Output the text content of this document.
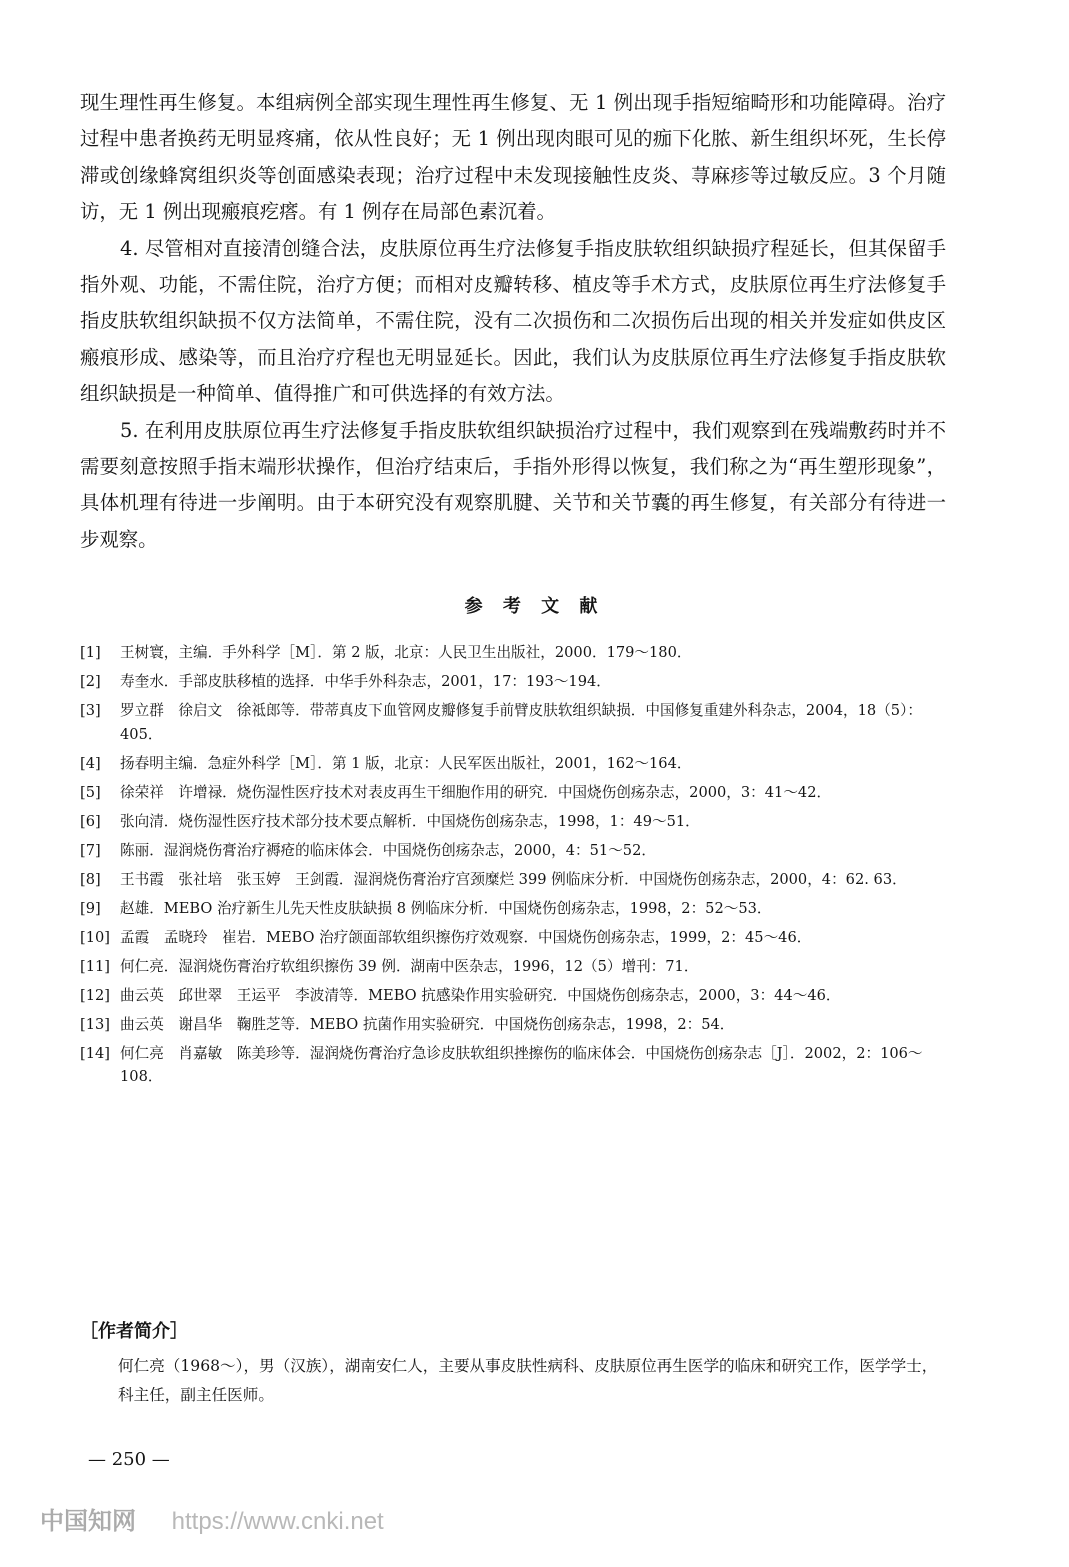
现生理性再生修复。本组病例全部实现生理性再生修复、无 1 例出现手指短缩畸形和功能障碍。治疗过程中患者换药无明显疼痛，依从性良好；无 1 例出现肉眼可见的痂下化脓、新生组织坏死，生长停滞或创缘蜂窝组织炎等创面感染表现；治疗过程中未发现接触性皮炎、荨麻疹等过敏反应。3 个月随访，无 1 例出现瘢痕疙瘩。有 1 例存在局部色素沉着。

4. 尽管相对直接清创缝合法，皮肤原位再生疗法修复手指皮肤软组织缺损疗程延长，但其保留手指外观、功能，不需住院，治疗方便；而相对皮瓣转移、植皮等手术方式，皮肤原位再生疗法修复手指皮肤软组织缺损不仅方法简单，不需住院，没有二次损伤和二次损伤后出现的相关并发症如供皮区瘢痕形成、感染等，而且治疗疗程也无明显延长。因此，我们认为皮肤原位再生疗法修复手指皮肤软组织缺损是一种简单、值得推广和可供选择的有效方法。

5. 在利用皮肤原位再生疗法修复手指皮肤软组织缺损治疗过程中，我们观察到在残端敷药时并不需要刻意按照手指末端形状操作，但治疗结束后，手指外形得以恢复，我们称之为“再生塑形现象”，具体机理有待进一步阐明。由于本研究没有观察肌腱、关节和关节囊的再生修复，有关部分有待进一步观察。

参 考 文 献
[1] 王树寰，主编．手外科学［M］．第 2 版，北京：人民卫生出版社，2000．179～180．
[2] 寿奎水．手部皮肤移植的选择．中华手外科杂志，2001，17：193～194．
[3] 罗立群　徐启文　徐祗郎等．带蒂真皮下血管网皮瓣修复手前臂皮肤软组织缺损．中国修复重建外科杂志，2004，18（5）：405．
[4] 扬春明主编．急症外科学［M］．第 1 版，北京：人民军医出版社，2001，162～164．
[5] 徐荣祥　许增禄．烧伤湿性医疗技术对表皮再生干细胞作用的研究．中国烧伤创疡杂志，2000，3：41～42．
[6] 张向清．烧伤湿性医疗技术部分技术要点解析．中国烧伤创疡杂志，1998，1：49～51．
[7] 陈丽．湿润烧伤膏治疗褥疮的临床体会．中国烧伤创疡杂志，2000，4：51～52．
[8] 王书霞　张社培　张玉婷　王剑霞．湿润烧伤膏治疗宫颈糜烂 399 例临床分析．中国烧伤创疡杂志，2000，4：62. 63．
[9] 赵雄．MEBO 治疗新生儿先天性皮肤缺损 8 例临床分析．中国烧伤创疡杂志，1998，2：52～53．
[10] 孟霞　孟晓玲　崔岩．MEBO 治疗颌面部软组织擦伤疗效观察．中国烧伤创疡杂志，1999，2：45～46．
[11] 何仁亮．湿润烧伤膏治疗软组织擦伤 39 例．湖南中医杂志，1996，12（5）增刊：71．
[12] 曲云英　邱世翠　王运平　李波清等．MEBO 抗感染作用实验研究．中国烧伤创疡杂志，2000，3：44～46．
[13] 曲云英　谢昌华　鞠胜芝等．MEBO 抗菌作用实验研究．中国烧伤创疡杂志，1998，2：54．
[14] 何仁亮　肖嘉敏　陈美珍等．湿润烧伤膏治疗急诊皮肤软组织挫擦伤的临床体会．中国烧伤创疡杂志［J］．2002，2：106～108．
［作者简介］
何仁亮（1968～），男（汉族），湖南安仁人，主要从事皮肤性病科、皮肤原位再生医学的临床和研究工作，医学学士，科主任，副主任医师。
— 250 —
中国知网 https://www.cnki.net
